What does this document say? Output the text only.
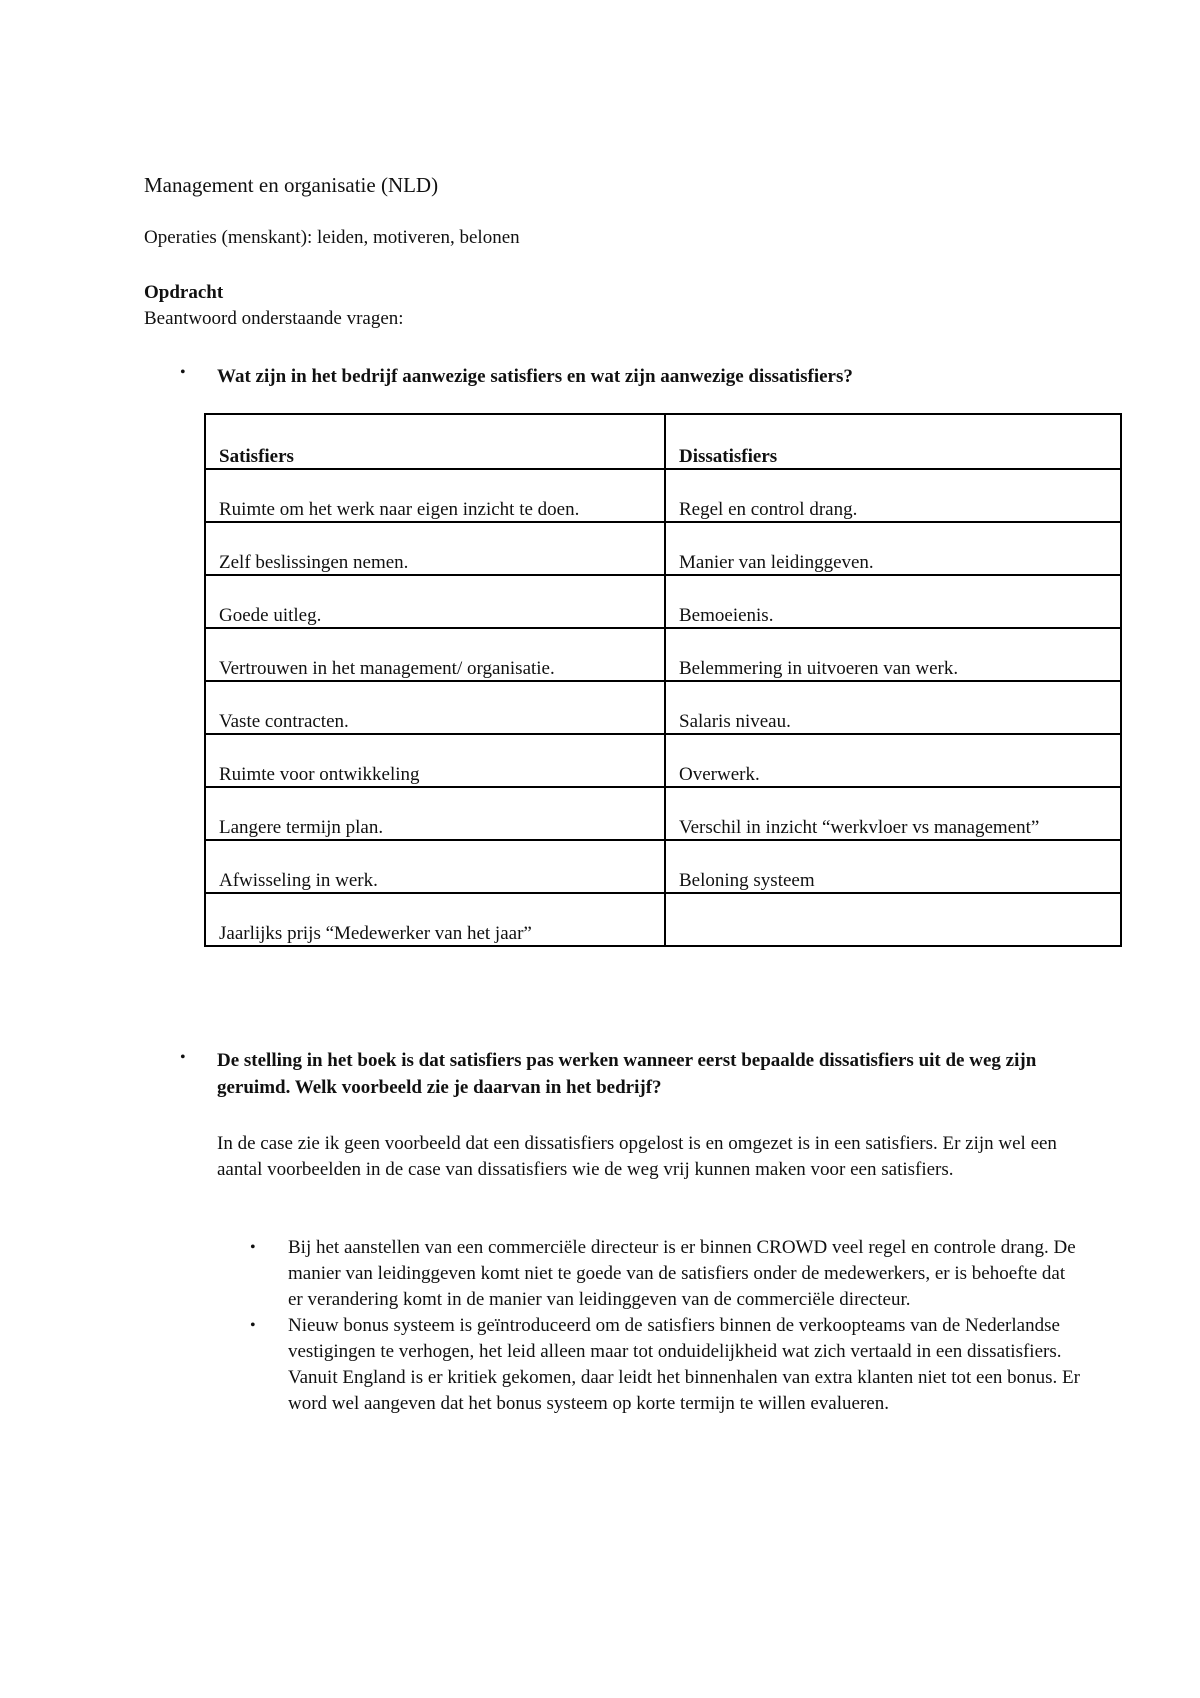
Management en organisatie (NLD)
Operaties (menskant): leiden, motiveren, belonen
Opdracht
Beantwoord onderstaande vragen:
• Wat zijn in het bedrijf aanwezige satisfiers en wat zijn aanwezige dissatisfiers?
Satisfiers	Dissatisfiers
Ruimte om het werk naar eigen inzicht te doen.	Regel en control drang.
Zelf beslissingen nemen.	Manier van leidinggeven.
Goede uitleg.	Bemoeienis.
Vertrouwen in het management/ organisatie.	Belemmering in uitvoeren van werk.
Vaste contracten.	Salaris niveau.
Ruimte voor ontwikkeling	Overwerk.
Langere termijn plan.	Verschil in inzicht “werkvloer vs management”
Afwisseling in werk.	Beloning systeem
Jaarlijks prijs “Medewerker van het jaar”	
• De stelling in het boek is dat satisfiers pas werken wanneer eerst bepaalde dissatisfiers uit de weg zijn geruimd. Welk voorbeeld zie je daarvan in het bedrijf?
In de case zie ik geen voorbeeld dat een dissatisfiers opgelost is en omgezet is in een satisfiers. Er zijn wel een aantal voorbeelden in de case van dissatisfiers wie de weg vrij kunnen maken voor een satisfiers.
• Bij het aanstellen van een commerciële directeur is er binnen CROWD veel regel en controle drang. De manier van leidinggeven komt niet te goede van de satisfiers onder de medewerkers, er is behoefte dat er verandering komt in de manier van leidinggeven van de commerciële directeur.
• Nieuw bonus systeem is geïntroduceerd om de satisfiers binnen de verkoopteams van de Nederlandse vestigingen te verhogen, het leid alleen maar tot onduidelijkheid wat zich vertaald in een dissatisfiers. Vanuit England is er kritiek gekomen, daar leidt het binnenhalen van extra klanten niet tot een bonus. Er word wel aangeven dat het bonus systeem op korte termijn te willen evalueren.
